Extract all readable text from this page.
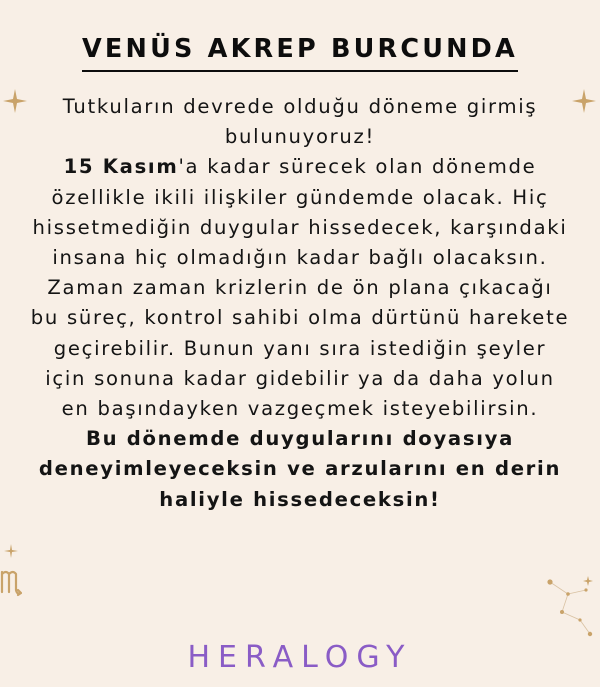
VENÜS AKREP BURCUNDA
Tutkuların devrede olduğu döneme girmiş bulunuyoruz!
15 Kasım'a kadar sürecek olan dönemde özellikle ikili ilişkiler gündemde olacak. Hiç hissetmediğin duygular hissedecek, karşındaki insana hiç olmadığın kadar bağlı olacaksın. Zaman zaman krizlerin de ön plana çıkacağı bu süreç, kontrol sahibi olma dürtünü harekete geçirebilir. Bunun yanı sıra istediğin şeyler için sonuna kadar gidebilir ya da daha yolun en başındayken vazgeçmek isteyebilirsin.
Bu dönemde duygularını doyasıya deneyimleyeceksin ve arzularını en derin haliyle hissedeceksin!
HERALOGY
